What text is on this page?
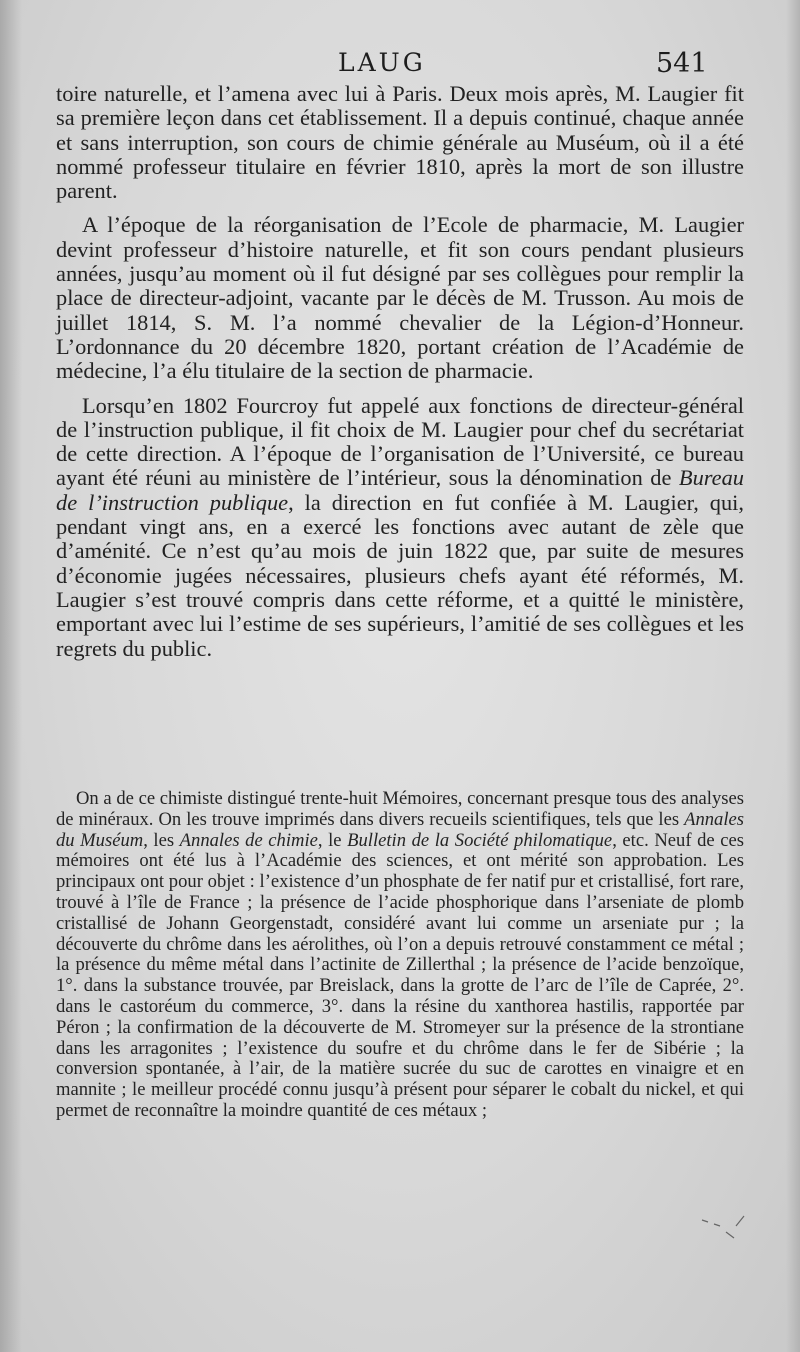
LAUG	541

toire naturelle, et l’amena avec lui à Paris. Deux mois après, M. Laugier fit sa première leçon dans cet établissement. Il a depuis continué, chaque année et sans interruption, son cours de chimie générale au Muséum, où il a été nommé professeur titulaire en février 1810, après la mort de son illustre parent.

A l’époque de la réorganisation de l’Ecole de pharmacie, M. Laugier devint professeur d’histoire naturelle, et fit son cours pendant plusieurs années, jusqu’au moment où il fut désigné par ses collègues pour remplir la place de directeur-adjoint, vacante par le décès de M. Trusson. Au mois de juillet 1814, S. M. l’a nommé chevalier de la Légion-d’Honneur. L’ordonnance du 20 décembre 1820, portant création de l’Académie de médecine, l’a élu titulaire de la section de pharmacie.

Lorsqu’en 1802 Fourcroy fut appelé aux fonctions de directeur-général de l’instruction publique, il fit choix de M. Laugier pour chef du secrétariat de cette direction. A l’époque de l’organisation de l’Université, ce bureau ayant été réuni au ministère de l’intérieur, sous la dénomination de Bureau de l’instruction publique, la direction en fut confiée à M. Laugier, qui, pendant vingt ans, en a exercé les fonctions avec autant de zèle que d’aménité. Ce n’est qu’au mois de juin 1822 que, par suite de mesures d’économie jugées nécessaires, plusieurs chefs ayant été réformés, M. Laugier s’est trouvé compris dans cette réforme, et a quitté le ministère, emportant avec lui l’estime de ses supérieurs, l’amitié de ses collègues et les regrets du public.

On a de ce chimiste distingué trente-huit Mémoires, concernant presque tous des analyses de minéraux. On les trouve imprimés dans divers recueils scientifiques, tels que les Annales du Muséum, les Annales de chimie, le Bulletin de la Société philomatique, etc. Neuf de ces mémoires ont été lus à l’Académie des sciences, et ont mérité son approbation. Les principaux ont pour objet : l’existence d’un phosphate de fer natif pur et cristallisé, fort rare, trouvé à l’île de France ; la présence de l’acide phosphorique dans l’arseniate de plomb cristallisé de Johann Georgenstadt, considéré avant lui comme un arseniate pur ; la découverte du chrôme dans les aérolithes, où l’on a depuis retrouvé constamment ce métal ; la présence du même métal dans l’actinite de Zillerthal ; la présence de l’acide benzoïque, 1°. dans la substance trouvée, par Breislack, dans la grotte de l’arc de l’île de Caprée, 2°. dans le castoréum du commerce, 3°. dans la résine du xanthorea hastilis, rapportée par Péron ; la confirmation de la découverte de M. Stromeyer sur la présence de la strontiane dans les arragonites ; l’existence du soufre et du chrôme dans le fer de Sibérie ; la conversion spontanée, à l’air, de la matière sucrée du suc de carottes en vinaigre et en mannite ; le meilleur procédé connu jusqu’à présent pour séparer le cobalt du nickel, et qui permet de reconnaître la moindre quantité de ces métaux ;
